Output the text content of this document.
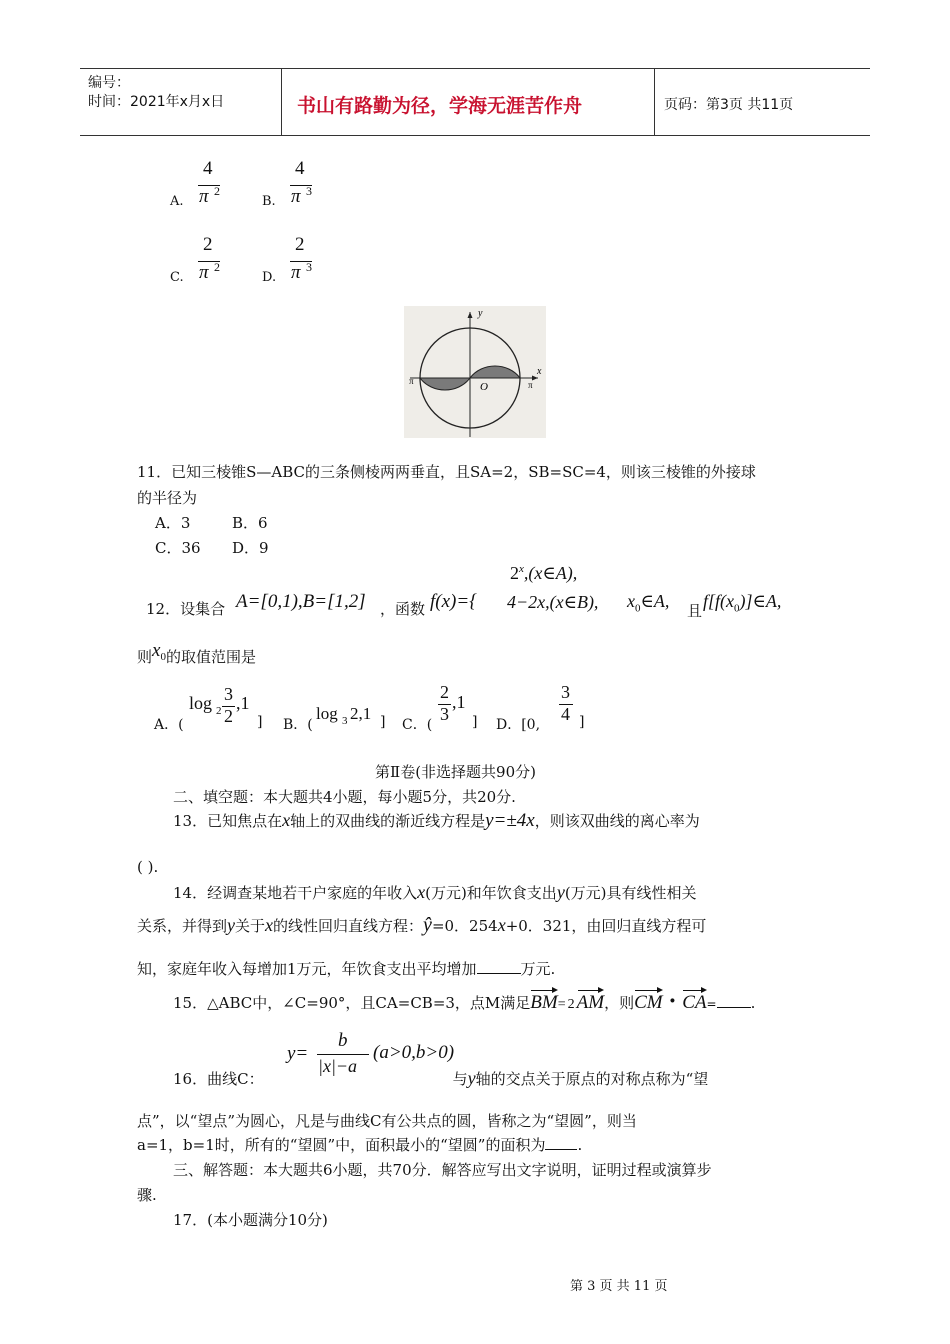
编号：
时间：2021年x月x日	书山有路勤为径，学海无涯苦作舟	页码：第3页 共11页
A.
4
π 2
B.
4
π 3
C.
2
π 2
D.
2
π 3
y
x
O
π	π
11．已知三棱锥S—ABC的三条侧棱两两垂直，且SA=2，SB=SC=4，则该三棱锥的外接球
的半径为
A．3	B．6
C．36 D．9
12．设集合 A=[0,1),B=[1,2] ，函数 f(x)={
2$^x$,(x∈A),
4−2x,(x∈B), $x_0\in A$, 且 $f[f(x_0)]\in A$,
则$x_0$的取值范围是
A．(
log 2
3
2
,1
] B．(
log 3 2,1 ] C．(
2
3
,1
] D．[0,
3
4 ]
第Ⅱ卷(非选择题共90分)
二、填空题：本大题共4小题，每小题5分，共20分.
13．已知焦点在x轴上的双曲线的渐近线方程是y=±4x，则该双曲线的离心率为
( ).
14．经调查某地若干户家庭的年收入x(万元)和年饮食支出y(万元)具有线性相关
关系，并得到y关于x的线性回归直线方程：ŷ=0．254x+0．321，由回归直线方程可
知，家庭年收入每增加1万元，年饮食支出平均增加	万元.
15．△ABC中，∠C=90°，且CA=CB=3，点M满足BM= 2 AM，则CM · CA= .
y=
b
|x|−a
(a>0,b>0)
16．曲线C：	与y轴的交点关于原点的对称点称为“望
点”，以“望点”为圆心，凡是与曲线C有公共点的圆，皆称之为“望圆”，则当
a=1，b=1时，所有的“望圆”中，面积最小的“望圆”的面积为 .
三、解答题：本大题共6小题，共70分．解答应写出文字说明，证明过程或演算步
骤.
17．(本小题满分10分)
第 3 页 共 11 页
